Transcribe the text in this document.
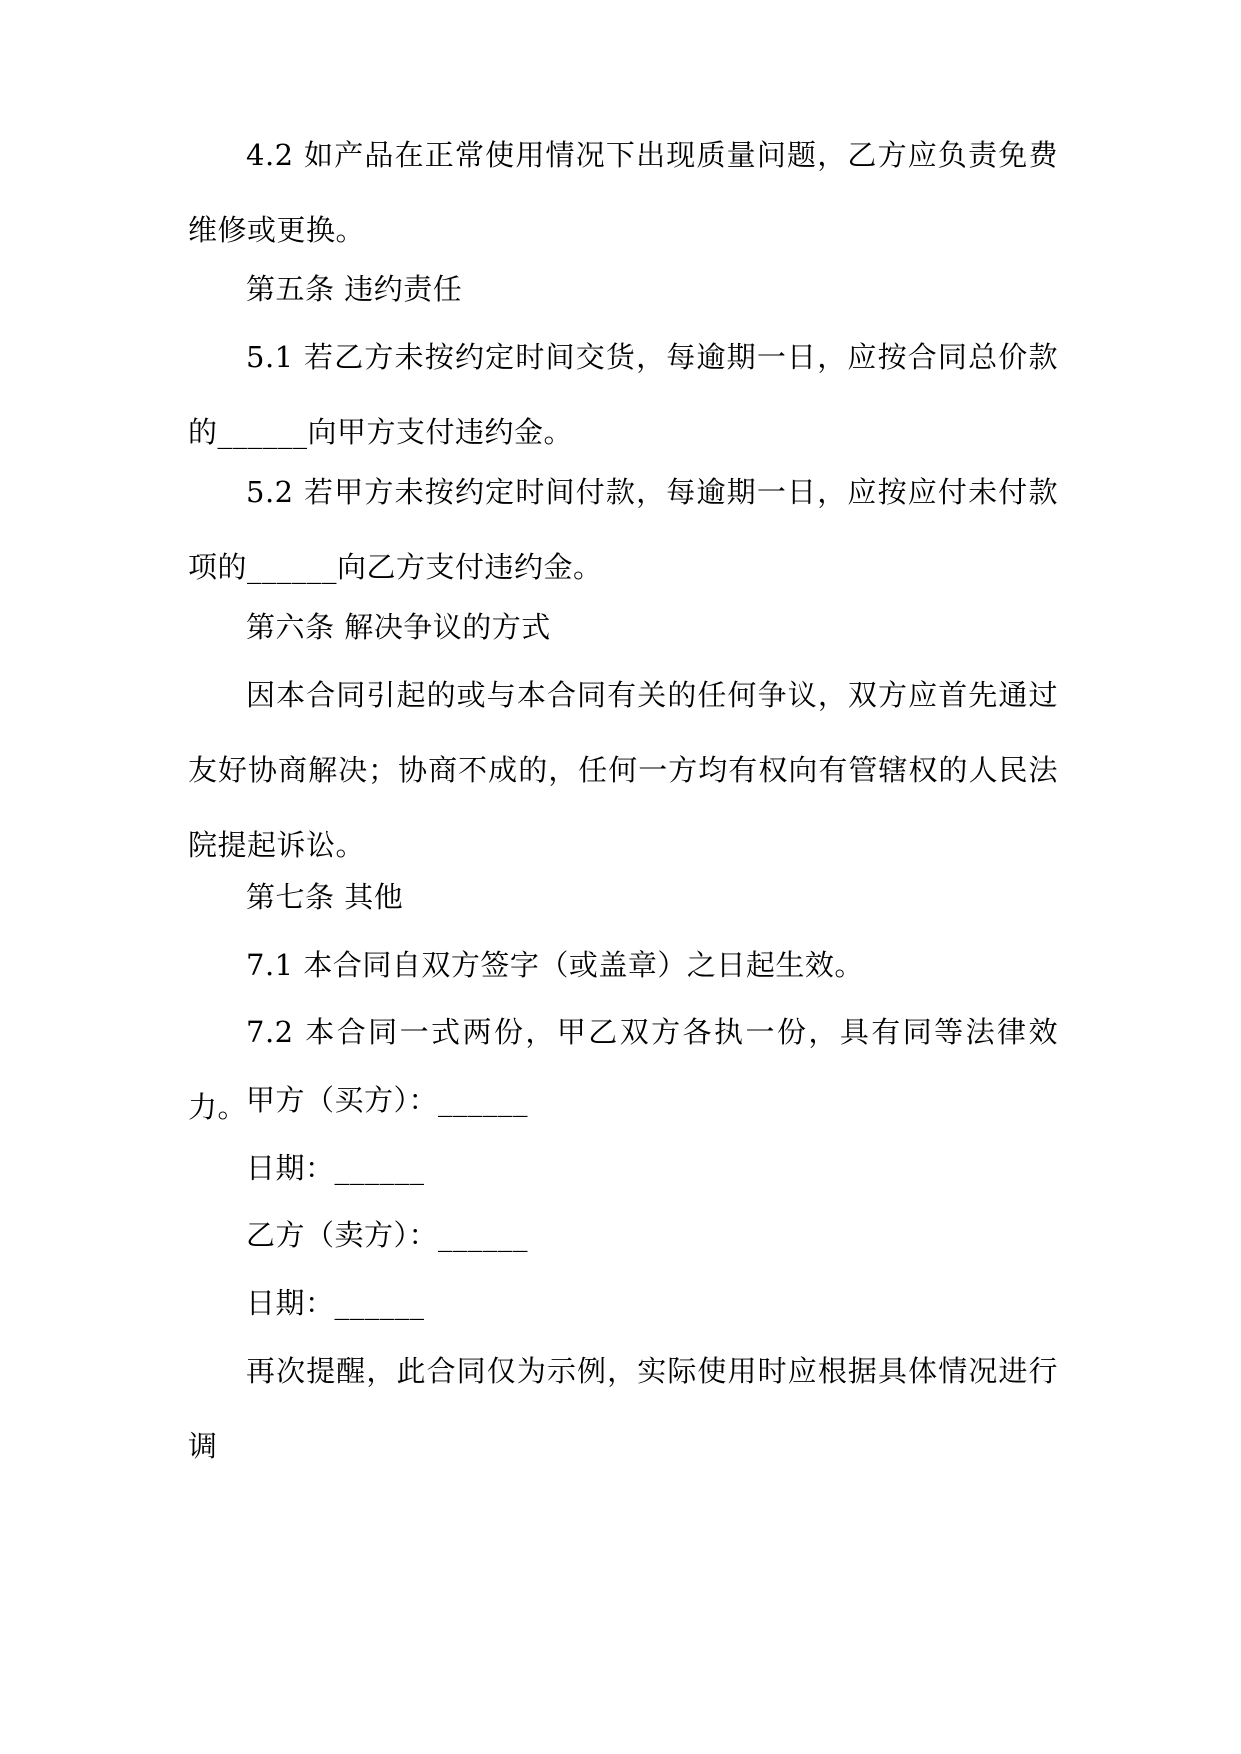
4.2 如产品在正常使用情况下出现质量问题，乙方应负责免费维修或更换。

第五条 违约责任

5.1 若乙方未按约定时间交货，每逾期一日，应按合同总价款的______向甲方支付违约金。

5.2 若甲方未按约定时间付款，每逾期一日，应按应付未付款项的______向乙方支付违约金。

第六条 解决争议的方式

因本合同引起的或与本合同有关的任何争议，双方应首先通过友好协商解决；协商不成的，任何一方均有权向有管辖权的人民法院提起诉讼。

第七条 其他

7.1 本合同自双方签字（或盖章）之日起生效。

7.2 本合同一式两份，甲乙双方各执一份，具有同等法律效力。

甲方（买方）：______

日期：______

乙方（卖方）：______

日期：______

再次提醒，此合同仅为示例，实际使用时应根据具体情况进行调
